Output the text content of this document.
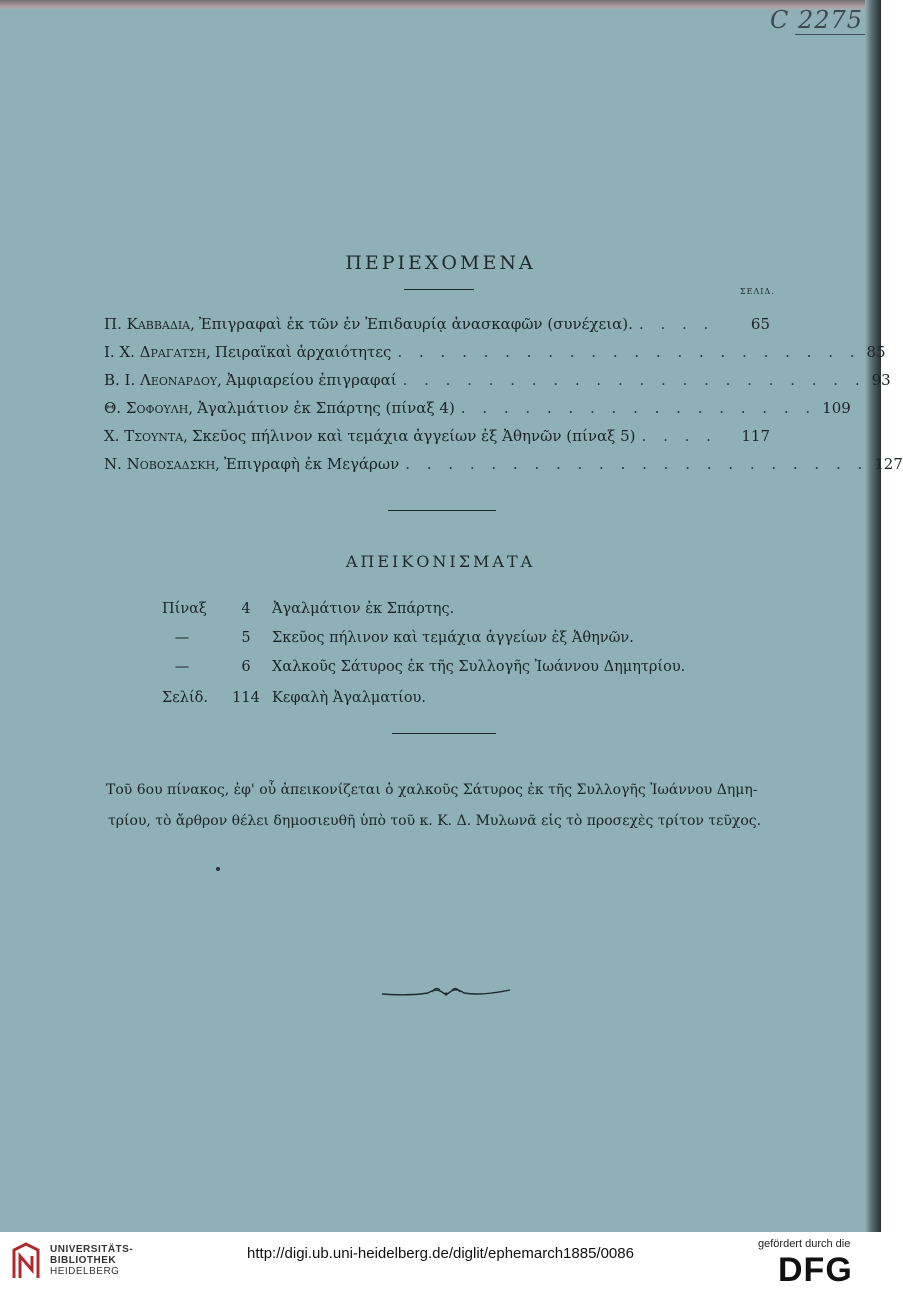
C 2275
ΠΕΡΙΕΧΟΜΕΝΑ
ΣΕΛΙΔ.
Π. Καββαδια, Ἐπιγραφαὶ ἐκ τῶν ἐν Ἐπιδαυρίᾳ ἀνασκαφῶν (συνέχεια). . . . .	65
Ι. Χ. Δραγατση, Πειραϊκαὶ ἀρχαιότητες . . . . . . . . . . . . . . . . . . . . . . 85
Β. Ι. Λεοναρδου, Ἀμφιαρείου ἐπιγραφαί . . . . . . . . . . . . . . . . . . . . . . 93
Θ. Σοφουλη, Ἀγαλμάτιον ἐκ Σπάρτης (πίναξ 4) . . . . . . . . . . . . . . . . . 109
Χ. Τσουντα, Σκεῦος πήλινον καὶ τεμάχια ἀγγείων ἐξ Ἀθηνῶν (πίναξ 5) . . . .	117
Ν. Νοβοσαδσκη, Ἐπιγραφὴ ἐκ Μεγάρων . . . . . . . . . . . . . . . . . . . . . . 127
ΑΠΕΙΚΟΝΙΣΜΑΤΑ
Πίναξ	4	Ἀγαλμάτιον ἐκ Σπάρτης.
—	5	Σκεῦος πήλινον καὶ τεμάχια ἀγγείων ἐξ Ἀθηνῶν.
—	6	Χαλκοῦς Σάτυρος ἐκ τῆς Συλλογῆς Ἰωάννου Δημητρίου.
Σελίδ.	114 Κεφαλὴ Ἀγαλματίου.
Τοῦ 6ου πίνακος, ἐφ' οὗ ἀπεικονίζεται ὁ χαλκοῦς Σάτυρος ἐκ τῆς Συλλογῆς Ἰωάννου Δημη-
τρίου, τὸ ἄρθρον θέλει δημοσιευθῆ ὑπὸ τοῦ κ. Κ. Δ. Μυλωνᾶ εἰς τὸ προσεχὲς τρίτον τεῦχος.
UNIVERSITÄTS-
BIBLIOTHEK
HEIDELBERG
http://digi.ub.uni-heidelberg.de/diglit/ephemarch1885/0086
gefördert durch die
DFG
